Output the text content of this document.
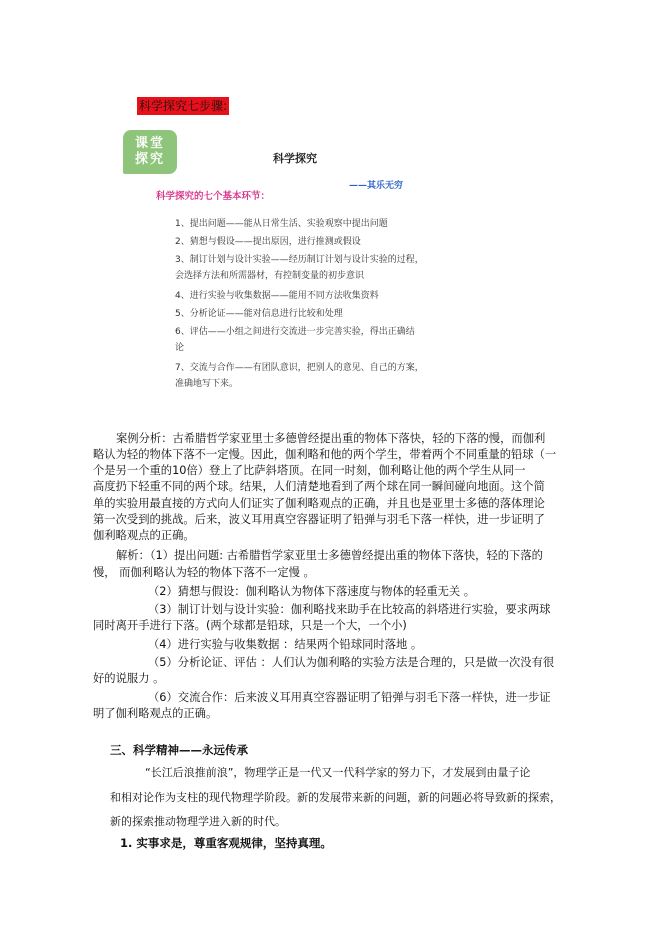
科学探究七步骤:
课堂
探究	科学探究
——其乐无穷
科学探究的七个基本环节：
1、提出问题——能从日常生活、实验观察中提出问题
2、猜想与假设——提出原因，进行推测或假设
3、制订计划与设计实验——经历制订计划与设计实验的过程，
会选择方法和所需器材，有控制变量的初步意识
4、进行实验与收集数据——能用不同方法收集资料
5、分析论证——能对信息进行比较和处理
6、评估——小组之间进行交流进一步完善实验，得出正确结
论
7、交流与合作——有团队意识，把别人的意见、自己的方案，
准确地写下来。
案例分析：古希腊哲学家亚里士多德曾经提出重的物体下落快，轻的下落的慢，而伽利
略认为轻的物体下落不一定慢。因此，伽利略和他的两个学生，带着两个不同重量的铅球（一
个是另一个重的10倍）登上了比萨斜塔顶。在同一时刻，伽利略让他的两个学生从同一
高度扔下轻重不同的两个球。结果，人们清楚地看到了两个球在同一瞬间碰向地面。这个简
单的实验用最直接的方式向人们证实了伽利略观点的正确，并且也是亚里士多德的落体理论
第一次受到的挑战。后来，波义耳用真空容器证明了铅弹与羽毛下落一样快，进一步证明了
伽利略观点的正确。
解析：（1）提出问题: 古希腊哲学家亚里士多德曾经提出重的物体下落快，轻的下落的
慢， 而伽利略认为轻的物体下落不一定慢 。
（2）猜想与假设：伽利略认为物体下落速度与物体的轻重无关 。
（3）制订计划与设计实验：伽利略找来助手在比较高的斜塔进行实验，要求两球
同时离开手进行下落。(两个球都是铅球，只是一个大，一个小)
（4）进行实验与收集数据 ：结果两个铅球同时落地 。
（5）分析论证、评估 ：人们认为伽利略的实验方法是合理的，只是做一次没有很
好的说服力 。
（6）交流合作：后来波义耳用真空容器证明了铅弹与羽毛下落一样快，进一步证
明了伽利略观点的正确。
三、科学精神——永远传承
“长江后浪推前浪”，物理学正是一代又一代科学家的努力下，才发展到由量子论
和相对论作为支柱的现代物理学阶段。新的发展带来新的问题，新的问题必将导致新的探索，
新的探索推动物理学进入新的时代。
1. 实事求是，尊重客观规律，坚持真理。
